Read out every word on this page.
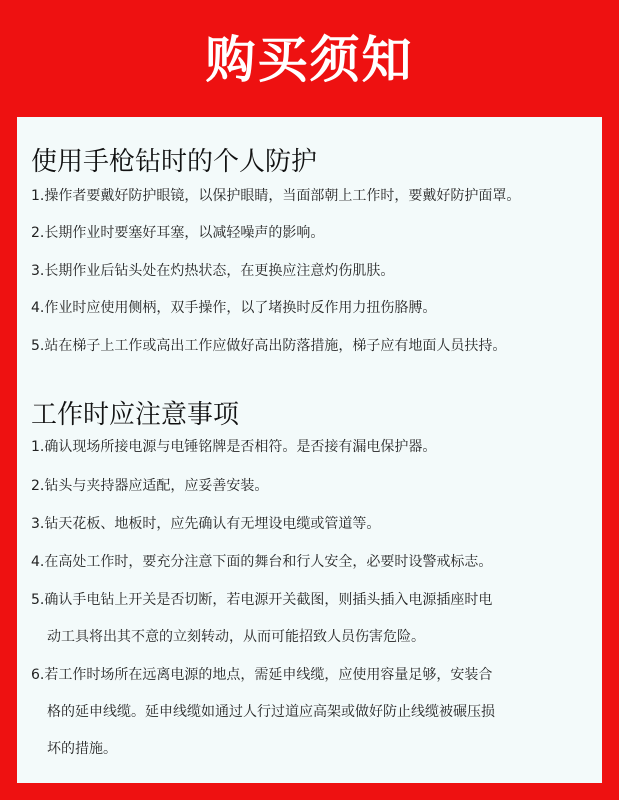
购买须知
使用手枪钻时的个人防护
1.操作者要戴好防护眼镜，以保护眼睛，当面部朝上工作时，要戴好防护面罩。
2.长期作业时要塞好耳塞，以减轻噪声的影响。
3.长期作业后钻头处在灼热状态，在更换应注意灼伤肌肤。
4.作业时应使用侧柄，双手操作，以了堵换时反作用力扭伤胳膊。
5.站在梯子上工作或高出工作应做好高出防落措施，梯子应有地面人员扶持。
工作时应注意事项
1.确认现场所接电源与电锤铭牌是否相符。是否接有漏电保护器。
2.钻头与夹持器应适配，应妥善安装。
3.钻天花板、地板时，应先确认有无埋设电缆或管道等。
4.在高处工作时，要充分注意下面的舞台和行人安全，必要时设警戒标志。
5.确认手电钻上开关是否切断，若电源开关截图，则插头插入电源插座时电
动工具将出其不意的立刻转动，从而可能招致人员伤害危险。
6.若工作时场所在远离电源的地点，需延申线缆，应使用容量足够，安装合
格的延申线缆。延申线缆如通过人行过道应高架或做好防止线缆被碾压损
坏的措施。
